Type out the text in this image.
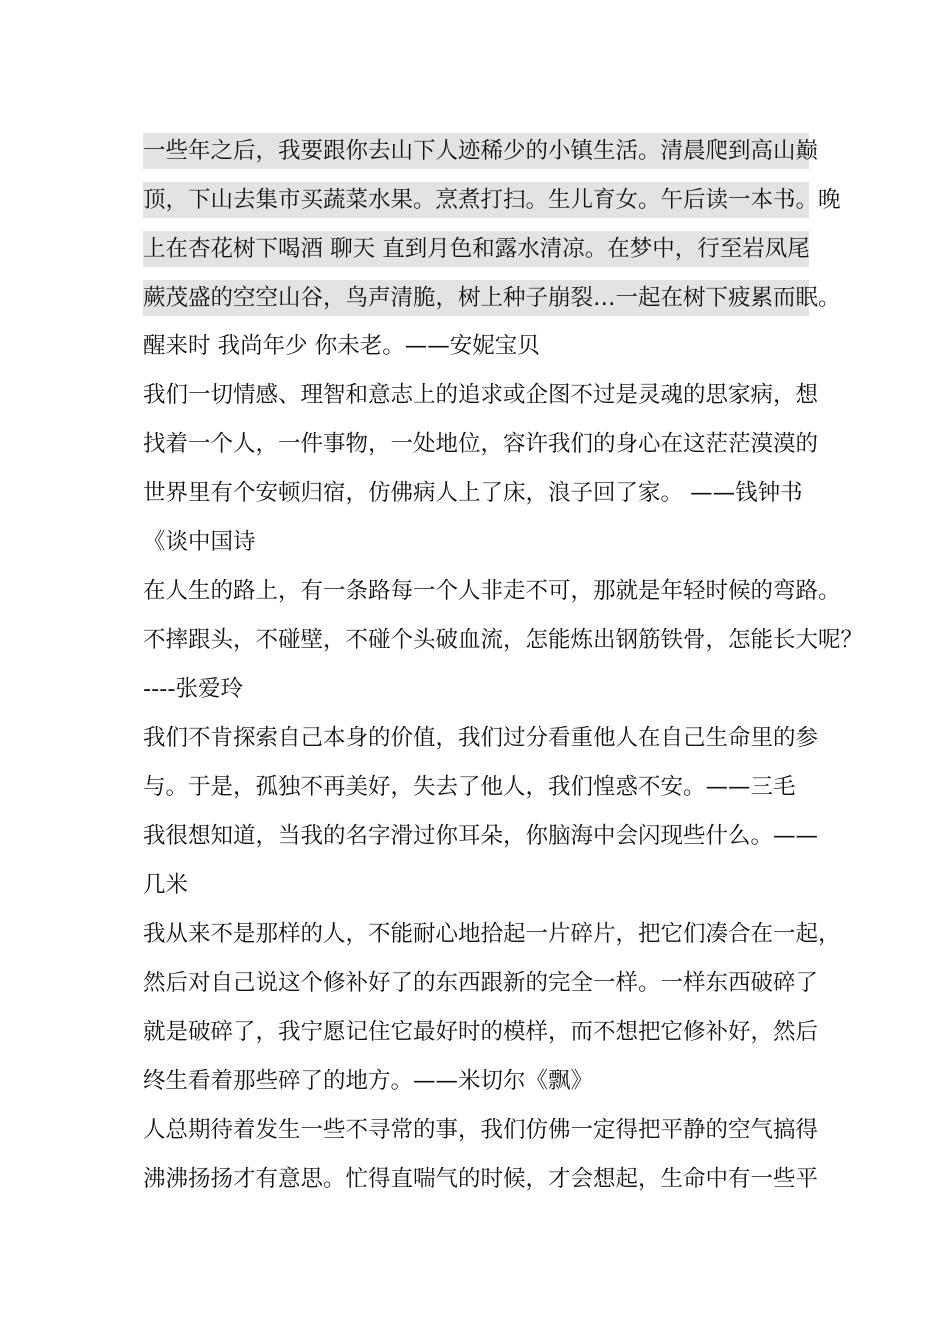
一些年之后，我要跟你去山下人迹稀少的小镇生活。清晨爬到高山巅
顶，下山去集市买蔬菜水果。烹煮打扫。生儿育女。午后读一本书。晚
上在杏花树下喝酒 聊天 直到月色和露水清凉。在梦中，行至岩凤尾
蕨茂盛的空空山谷，鸟声清脆，树上种子崩裂…一起在树下疲累而眠。
醒来时 我尚年少 你未老。——安妮宝贝
我们一切情感、理智和意志上的追求或企图不过是灵魂的思家病，想
找着一个人，一件事物，一处地位，容许我们的身心在这茫茫漠漠的
世界里有个安顿归宿，仿佛病人上了床，浪子回了家。 ——钱钟书
《谈中国诗
在人生的路上，有一条路每一个人非走不可，那就是年轻时候的弯路。
不摔跟头，不碰壁，不碰个头破血流，怎能炼出钢筋铁骨，怎能长大呢？
----张爱玲
我们不肯探索自己本身的价值，我们过分看重他人在自己生命里的参
与。于是，孤独不再美好，失去了他人，我们惶惑不安。——三毛
我很想知道，当我的名字滑过你耳朵，你脑海中会闪现些什么。——
几米
我从来不是那样的人，不能耐心地拾起一片碎片，把它们凑合在一起，
然后对自己说这个修补好了的东西跟新的完全一样。一样东西破碎了
就是破碎了，我宁愿记住它最好时的模样，而不想把它修补好，然后
终生看着那些碎了的地方。——米切尔《飘》
人总期待着发生一些不寻常的事，我们仿佛一定得把平静的空气搞得
沸沸扬扬才有意思。忙得直喘气的时候，才会想起，生命中有一些平
